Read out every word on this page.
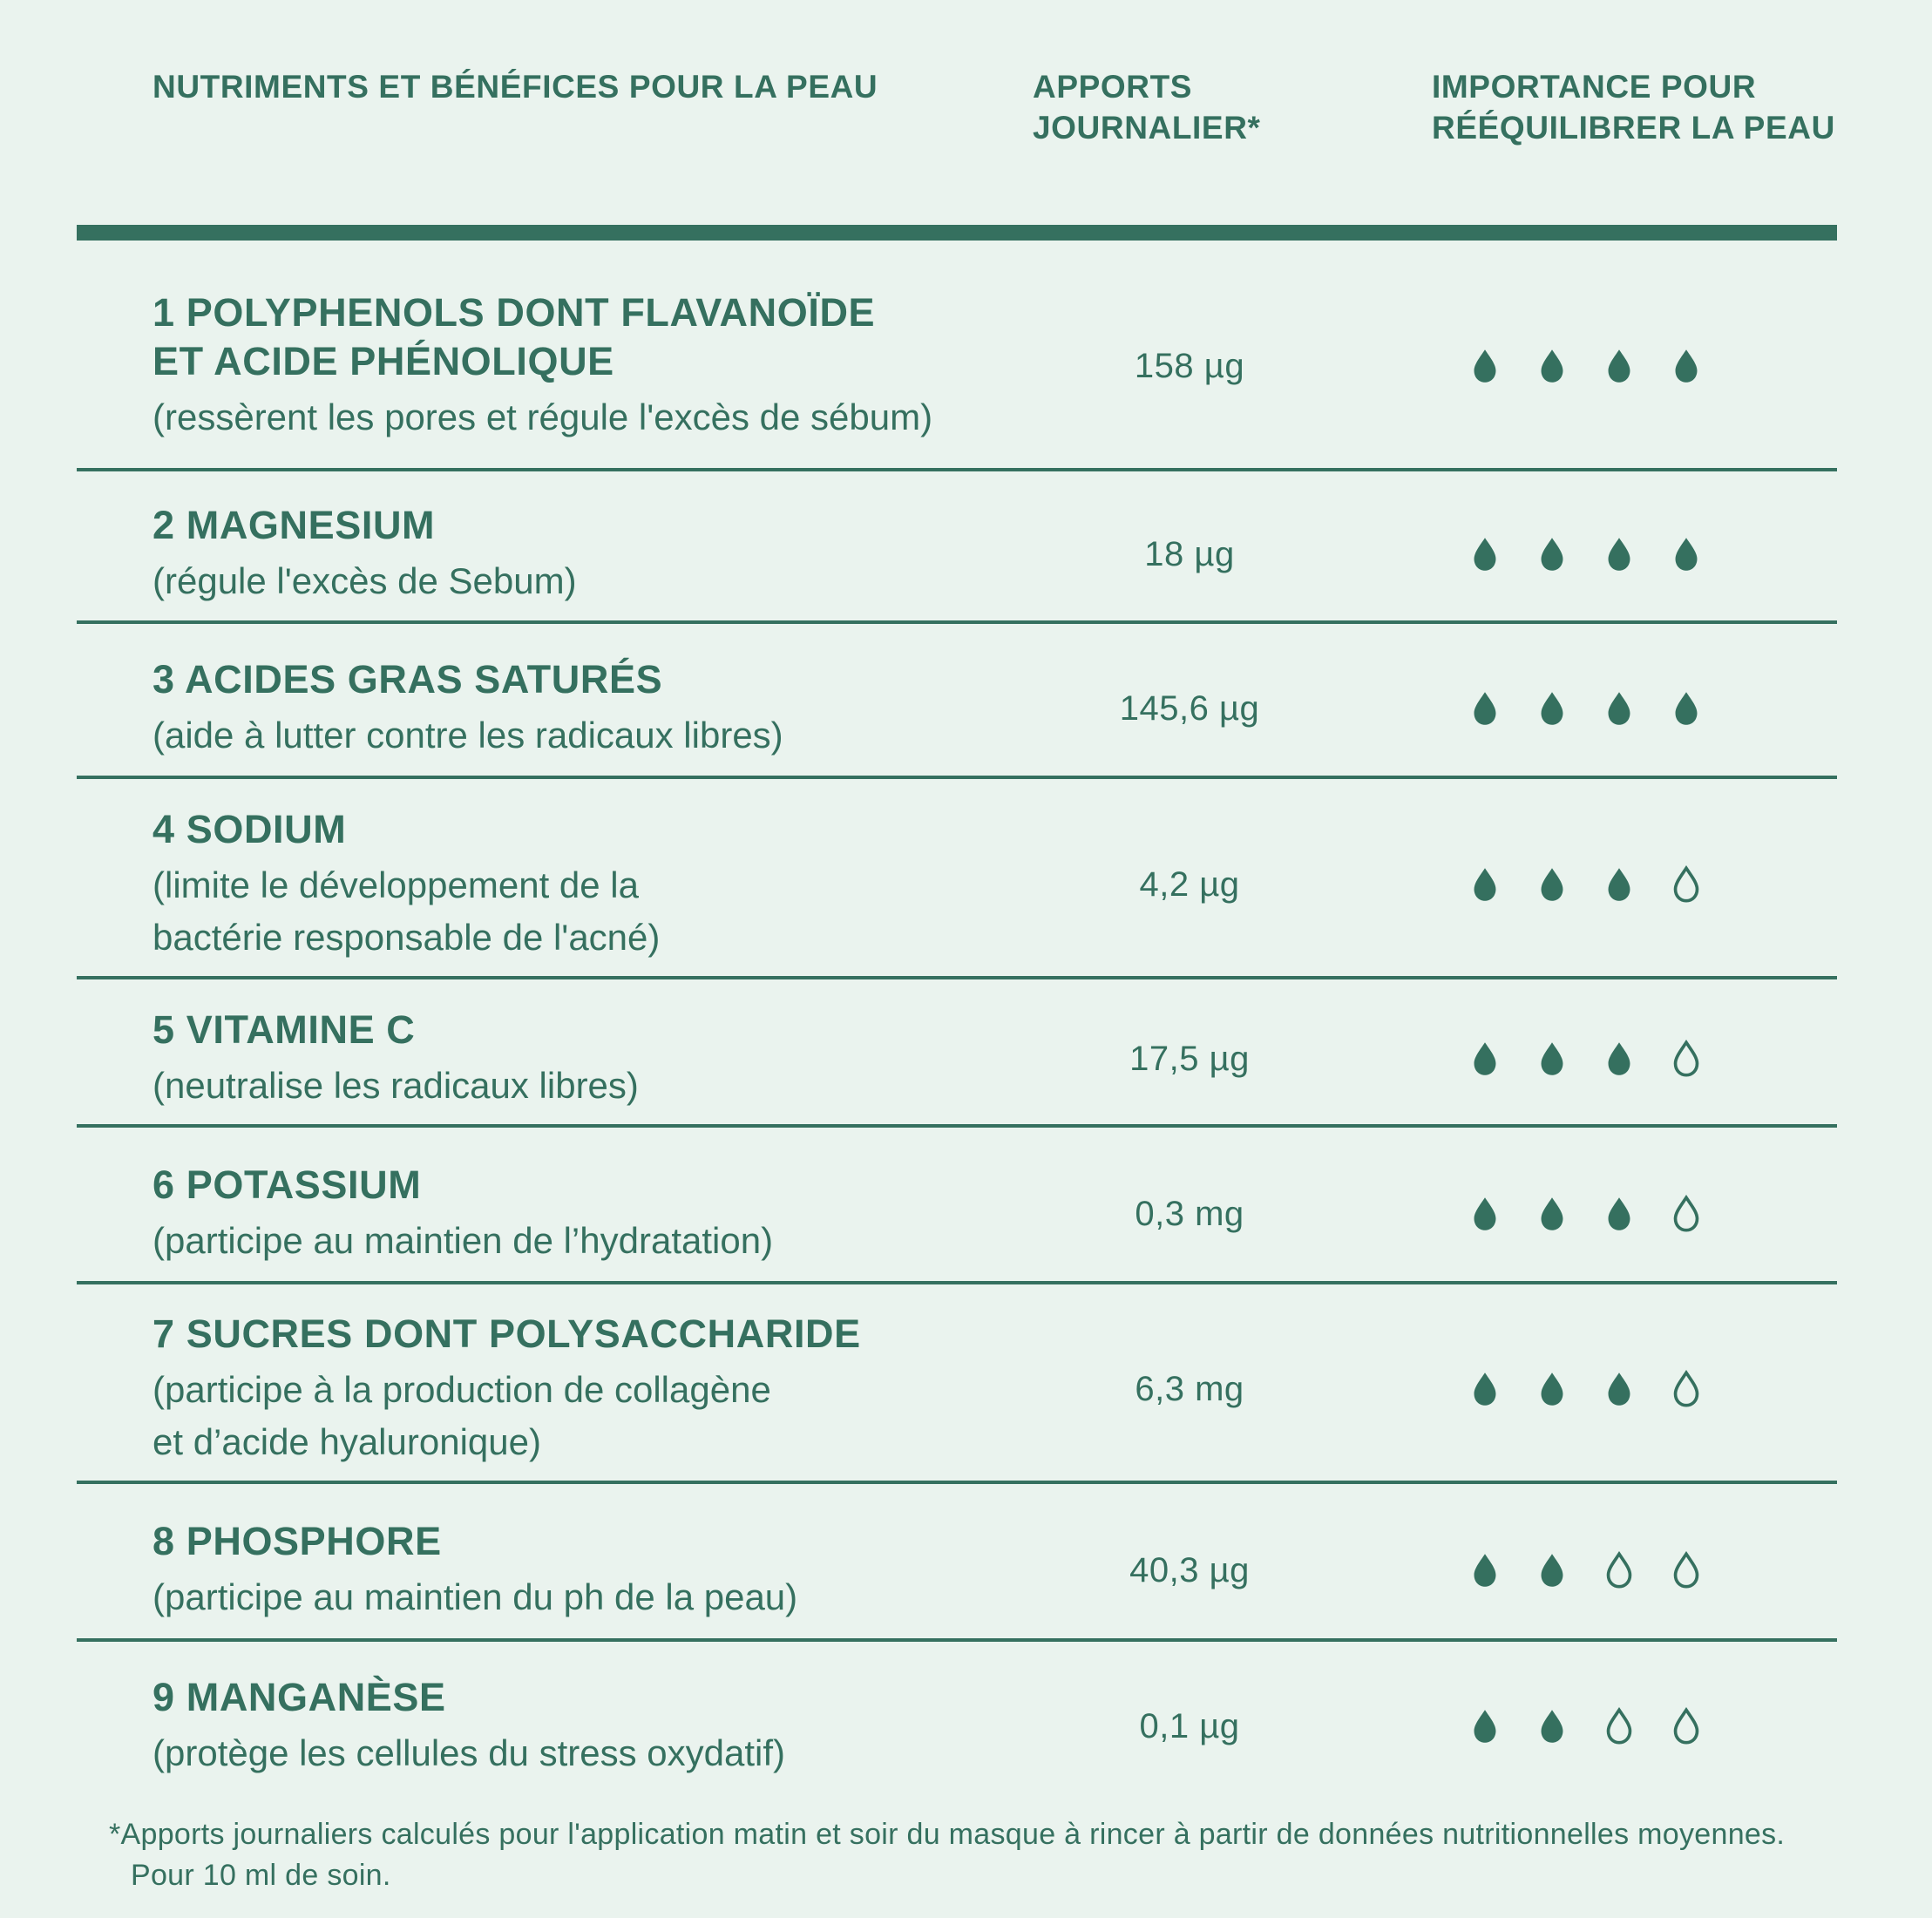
NUTRIMENTS ET BÉNÉFICES POUR LA PEAU	APPORTS JOURNALIER*
IMPORTANCE POUR RÉÉQUILIBRER LA PEAU
1 POLYPHENOLS DONT FLAVANOÏDE
ET ACIDE PHÉNOLIQUE
(ressèrent les pores et régule l'excès de sébum)
158 µg
2 MAGNESIUM
(régule l'excès de Sebum)
18 µg
3 ACIDES GRAS SATURÉS
(aide à lutter contre les radicaux libres)
145,6 µg
4 SODIUM
(limite le développement de la
bactérie responsable de l'acné)
4,2 µg
5 VITAMINE C
(neutralise les radicaux libres)
17,5 µg
6 POTASSIUM
(participe au maintien de l’hydratation)
0,3 mg
7 SUCRES DONT POLYSACCHARIDE
(participe à la production de collagène
et d’acide hyaluronique)
6,3 mg
8 PHOSPHORE
(participe au maintien du ph de la peau)
40,3 µg
9 MANGANÈSE
(protège les cellules du stress oxydatif)
0,1 µg
*Apports journaliers calculés pour l'application matin et soir du masque à rincer à partir de données nutritionnelles moyennes.
Pour 10 ml de soin.
